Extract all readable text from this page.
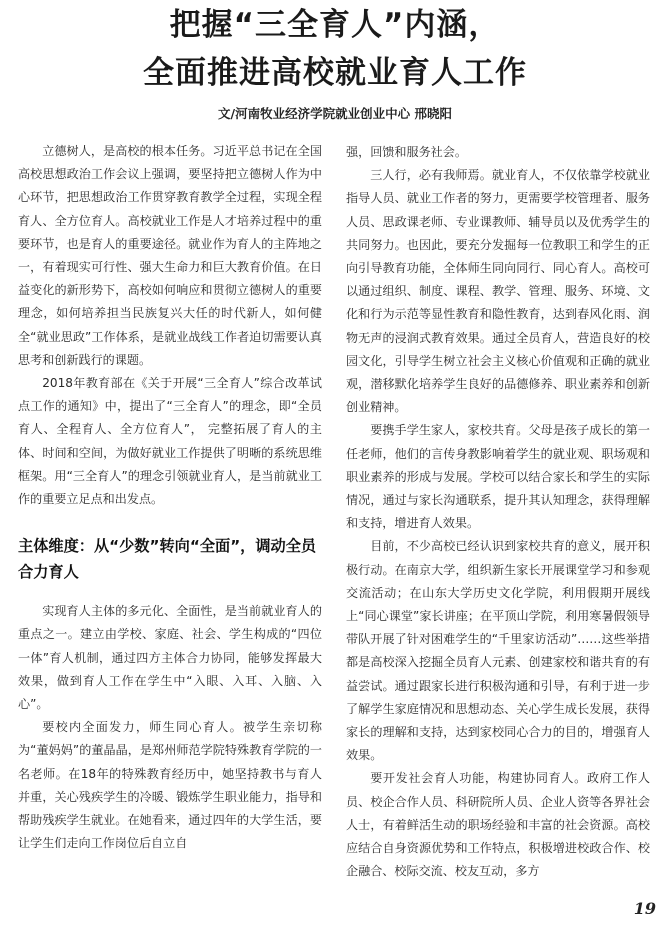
把握“三全育人”内涵，
全面推进高校就业育人工作
文/河南牧业经济学院就业创业中心 邢晓阳

立德树人，是高校的根本任务。习近平总书记在全国高校思想政治工作会议上强调，要坚持把立德树人作为中心环节，把思想政治工作贯穿教育教学全过程，实现全程育人、全方位育人。高校就业工作是人才培养过程中的重要环节，也是育人的重要途径。就业作为育人的主阵地之一，有着现实可行性、强大生命力和巨大教育价值。在日益变化的新形势下，高校如何响应和贯彻立德树人的重要理念，如何培养担当民族复兴大任的时代新人，如何健全“就业思政”工作体系，是就业战线工作者迫切需要认真思考和创新践行的课题。

2018年教育部在《关于开展“三全育人”综合改革试点工作的通知》中，提出了“三全育人”的理念，即“全员育人、全程育人、全方位育人”， 完整拓展了育人的主体、时间和空间，为做好就业工作提供了明晰的系统思维框架。用“三全育人”的理念引领就业育人，是当前就业工作的重要立足点和出发点。

主体维度：从“少数”转向“全面”，调动全员合力育人

实现育人主体的多元化、全面性，是当前就业育人的重点之一。建立由学校、家庭、社会、学生构成的“四位一体”育人机制，通过四方主体合力协同，能够发挥最大效果，做到育人工作在学生中“入眼、入耳、入脑、入心”。

要校内全面发力，师生同心育人。被学生亲切称为“董妈妈”的董晶晶，是郑州师范学院特殊教育学院的一名老师。在18年的特殊教育经历中，她坚持教书与育人并重，关心残疾学生的冷暖、锻炼学生职业能力，指导和帮助残疾学生就业。在她看来，通过四年的大学生活，要让学生们走向工作岗位后自立自

强，回馈和服务社会。

三人行，必有我师焉。就业育人，不仅依靠学校就业指导人员、就业工作者的努力，更需要学校管理者、服务人员、思政课老师、专业课教师、辅导员以及优秀学生的共同努力。也因此，要充分发掘每一位教职工和学生的正向引导教育功能，全体师生同向同行、同心育人。高校可以通过组织、制度、课程、教学、管理、服务、环境、文化和行为示范等显性教育和隐性教育，达到春风化雨、润物无声的浸润式教育效果。通过全员育人，营造良好的校园文化，引导学生树立社会主义核心价值观和正确的就业观，潜移默化培养学生良好的品德修养、职业素养和创新创业精神。

要携手学生家人，家校共育。父母是孩子成长的第一任老师，他们的言传身教影响着学生的就业观、职场观和职业素养的形成与发展。学校可以结合家长和学生的实际情况，通过与家长沟通联系，提升其认知理念，获得理解和支持，增进育人效果。

目前，不少高校已经认识到家校共育的意义，展开积极行动。在南京大学，组织新生家长开展课堂学习和参观交流活动；在山东大学历史文化学院，利用假期开展线上“同心课堂”家长讲座；在平顶山学院，利用寒暑假领导带队开展了针对困难学生的“千里家访活动”……这些举措都是高校深入挖掘全员育人元素、创建家校和谐共育的有益尝试。通过跟家长进行积极沟通和引导，有利于进一步了解学生家庭情况和思想动态、关心学生成长发展，获得家长的理解和支持，达到家校同心合力的目的，增强育人效果。

要开发社会育人功能，构建协同育人。政府工作人员、校企合作人员、科研院所人员、企业人资等各界社会人士，有着鲜活生动的职场经验和丰富的社会资源。高校应结合自身资源优势和工作特点，积极增进校政合作、校企融合、校际交流、校友互动，多方

19
